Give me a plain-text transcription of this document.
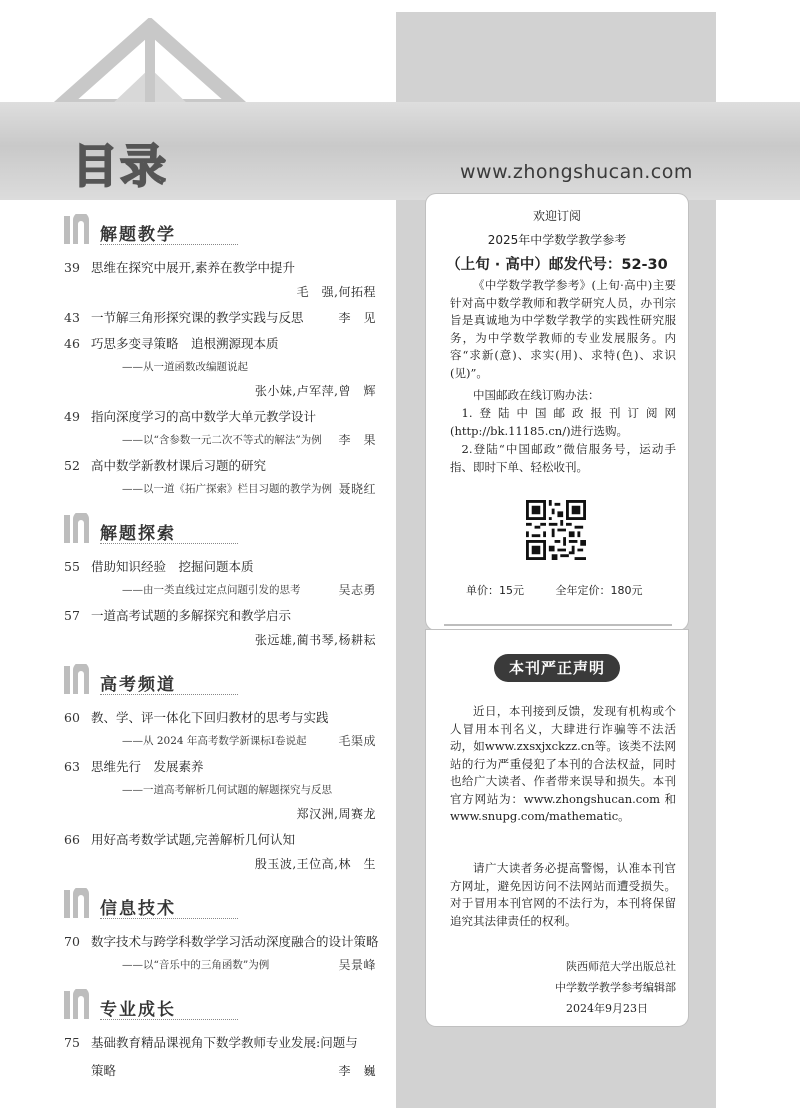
目录	www.zhongshucan.com
解题教学
39 思维在探究中展开,素养在教学中提升
毛　强,何拓程
43 一节解三角形探究课的教学实践与反思	李　见
46 巧思多变寻策略　追根溯源现本质
——从一道函数改编题说起
张小妹,卢军萍,曾　辉
49 指向深度学习的高中数学大单元教学设计
——以“含参数一元二次不等式的解法”为例 李　果
52 高中数学新教材课后习题的研究
——以一道《拓广探索》栏目习题的教学为例 聂晓红
解题探索
55 借助知识经验　挖掘问题本质
——由一类直线过定点问题引发的思考	吴志勇
57 一道高考试题的多解探究和教学启示
张远雄,蔺书琴,杨耕耘
高考频道
60 教、学、评一体化下回归教材的思考与实践
——从 2024 年高考数学新课标Ⅰ卷说起	毛渠成
63 思维先行　发展素养
——一道高考解析几何试题的解题探究与反思
郑汉洲,周赛龙
66 用好高考数学试题,完善解析几何认知
殷玉波,王位高,林　生
信息技术
70 数字技术与跨学科数学学习活动深度融合的设计策略
——以“音乐中的三角函数”为例	吴景峰
专业成长
75 基础教育精品课视角下数学教师专业发展:问题与
策略	李　巍
欢迎订阅
2025年中学数学教学参考
（上旬 · 高中）邮发代号：52-30
《中学数学教学参考》(上旬·高中)主要针对高中数学教师和教学研究人员，办刊宗旨是真诚地为中学数学教学的实践性研究服务，为中学数学教师的专业发展服务。内容“求新(意)、求实(用)、求特(色)、求识(见)”。
中国邮政在线订购办法：
1.登陆中国邮政报刊订阅网(http://bk.11185.cn/)进行选购。
2.登陆“中国邮政”微信服务号，运动手指、即时下单、轻松收刊。
单价：15元	全年定价：180元
本刊严正声明
近日，本刊接到反馈，发现有机构或个人冒用本刊名义，大肆进行诈骗等不法活动，如www.zxsxjxckzz.cn等。该类不法网站的行为严重侵犯了本刊的合法权益，同时也给广大读者、作者带来误导和损失。本刊官方网站为：www.zhongshucan.com 和 www.snupg.com/mathematic。
请广大读者务必提高警惕，认准本刊官方网址，避免因访问不法网站而遭受损失。对于冒用本刊官网的不法行为，本刊将保留追究其法律责任的权利。
陕西师范大学出版总社
中学数学教学参考编辑部
2024年9月23日
